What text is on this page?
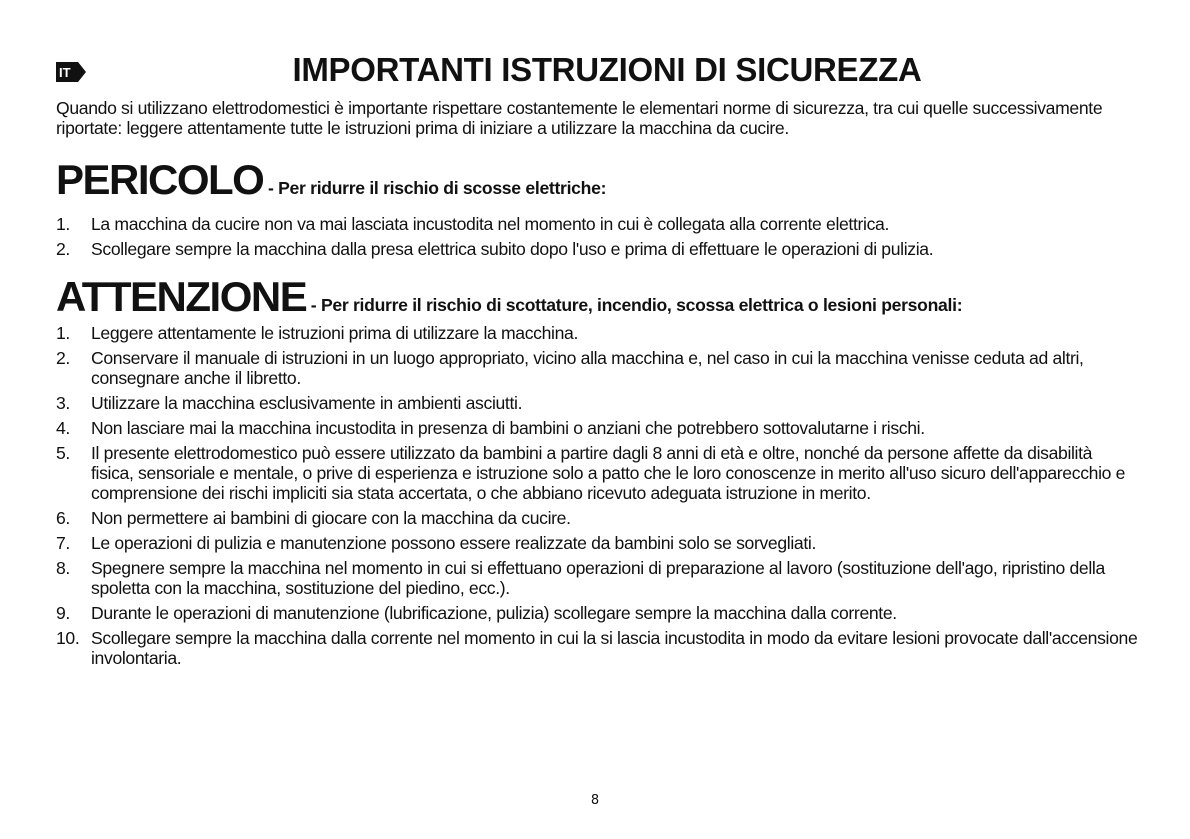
IT	IMPORTANTI ISTRUZIONI DI SICUREZZA

Quando si utilizzano elettrodomestici è importante rispettare costantemente le elementari norme di sicurezza, tra cui quelle successivamente riportate: leggere attentamente tutte le istruzioni prima di iniziare a utilizzare la macchina da cucire.

PERICOLO - Per ridurre il rischio di scosse elettriche:
1.	La macchina da cucire non va mai lasciata incustodita nel momento in cui è collegata alla corrente elettrica.
2.	Scollegare sempre la macchina dalla presa elettrica subito dopo l'uso e prima di effettuare le operazioni di pulizia.
ATTENZIONE - Per ridurre il rischio di scottature, incendio, scossa elettrica o lesioni personali:
1.	Leggere attentamente le istruzioni prima di utilizzare la macchina.
2.	Conservare il manuale di istruzioni in un luogo appropriato, vicino alla macchina e, nel caso in cui la macchina venisse ceduta ad altri, consegnare anche il libretto.
3.	Utilizzare la macchina esclusivamente in ambienti asciutti.
4.	Non lasciare mai la macchina incustodita in presenza di bambini o anziani che potrebbero sottovalutarne i rischi.
5.	Il presente elettrodomestico può essere utilizzato da bambini a partire dagli 8 anni di età e oltre, nonché da persone affette da disabilità fisica, sensoriale e mentale, o prive di esperienza e istruzione solo a patto che le loro conoscenze in merito all'uso sicuro dell'apparecchio e comprensione dei rischi impliciti sia stata accertata, o che abbiano ricevuto adeguata istruzione in merito.
6.	Non permettere ai bambini di giocare con la macchina da cucire.
7.	Le operazioni di pulizia e manutenzione possono essere realizzate da bambini solo se sorvegliati.
8.	Spegnere sempre la macchina nel momento in cui si effettuano operazioni di preparazione al lavoro (sostituzione dell'ago, ripristino della spoletta con la macchina, sostituzione del piedino, ecc.).
9.	Durante le operazioni di manutenzione (lubrificazione, pulizia) scollegare sempre la macchina dalla corrente.
10. Scollegare sempre la macchina dalla corrente nel momento in cui la si lascia incustodita in modo da evitare lesioni provocate dall'accensione involontaria.
8
